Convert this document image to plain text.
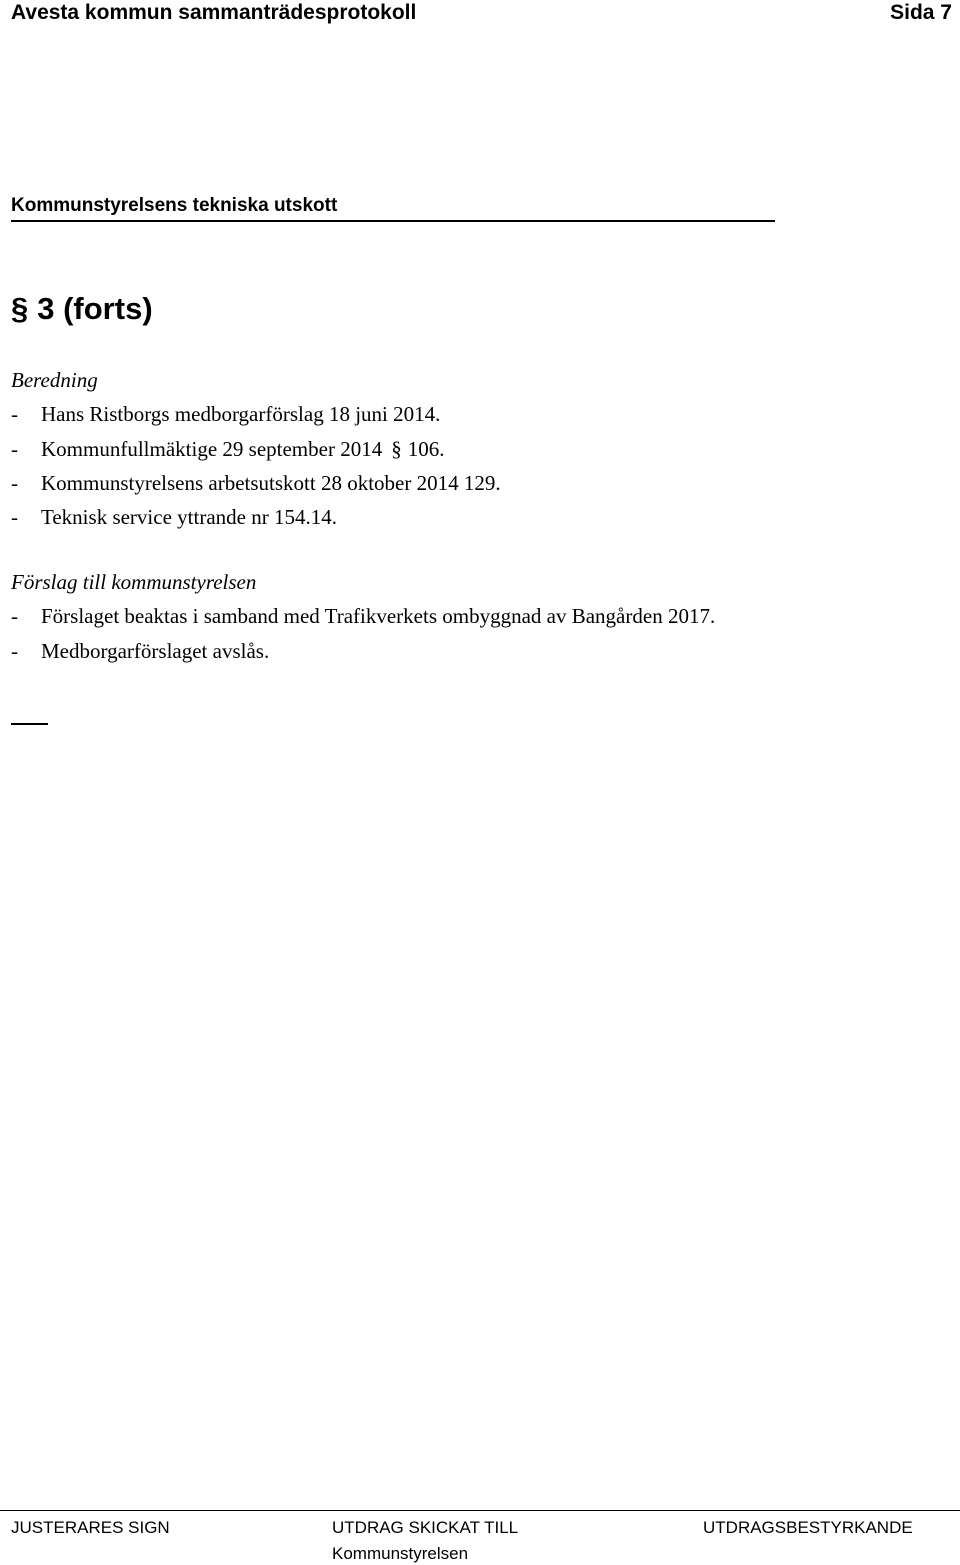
Avesta kommun sammanträdesprotokoll	Sida 7
Kommunstyrelsens tekniska utskott
§ 3 (forts)
Beredning
- Hans Ristborgs medborgarförslag 18 juni 2014.
- Kommunfullmäktige 29 september 2014 § 106.
- Kommunstyrelsens arbetsutskott 28 oktober 2014 129.
- Teknisk service yttrande nr 154.14.
Förslag till kommunstyrelsen
- Förslaget beaktas i samband med Trafikverkets ombyggnad av Bangården 2017.
- Medborgarförslaget avslås.
JUSTERARES SIGN	UTDRAG SKICKAT TILL
Kommunstyrelsen
UTDRAGSBESTYRKANDE
